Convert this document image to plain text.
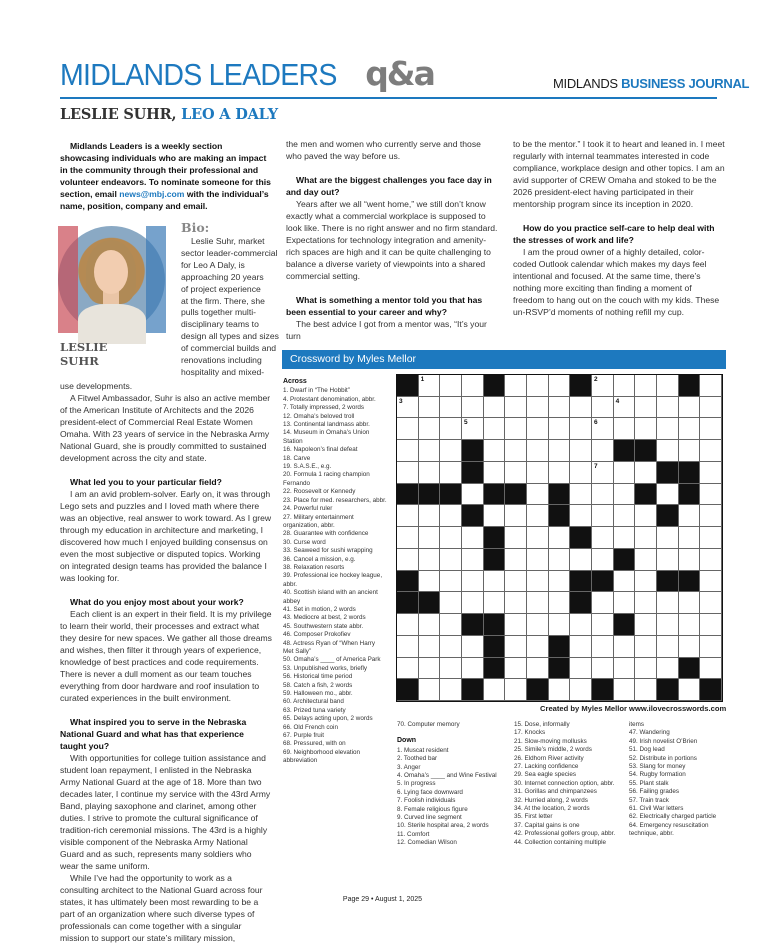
MIDLANDS LEADERS q&a	MIDLANDS BUSINESS JOURNAL
LESLIE SUHR, LEO A DALY

Midlands Leaders is a weekly section showcasing individuals who are making an impact in the community through their professional and volunteer endeavors. To nominate someone for this section, email news@mbj.com with the individual’s name, position, company and email.

LESLIE
SUHR
Bio:
Leslie Suhr, market
sector leader-commercial
for Leo A Daly, is
approaching 20 years
of project experience
at the firm. There, she
pulls together multi-
disciplinary teams to
design all types and sizes
of commercial builds and
renovations including
hospitality and mixed-
use developments.

A Fitwel Ambassador, Suhr is also an active member of the American Institute of Architects and the 2026 president-elect of Commercial Real Estate Women Omaha. With 23 years of service in the Nebraska Army National Guard, she is proudly committed to sustained development across the city and state.

What led you to your particular field?

I am an avid problem-solver. Early on, it was through Lego sets and puzzles and I loved math where there was an objective, real answer to work toward. As I grew through my education in architecture and marketing, I discovered how much I enjoyed building consensus on even the most subjective or disputed topics. Working on integrated design teams has provided the balance I was looking for.

What do you enjoy most about your work?

Each client is an expert in their field. It is my privilege to learn their world, their processes and extract what they desire for new spaces. We gather all those dreams and wishes, then filter it through years of experience, knowledge of best practices and code requirements. There is never a dull moment as our team touches everything from door hardware and roof insulation to curated experiences in the built environment.

What inspired you to serve in the Nebraska National Guard and what has that experience taught you?

With opportunities for college tuition assistance and student loan repayment, I enlisted in the Nebraska Army National Guard at the age of 18. More than two decades later, I continue my service with the 43rd Army Band, playing saxophone and clarinet, among other duties. I strive to promote the cultural significance of tradition-rich ceremonial missions. The 43rd is a highly visible component of the Nebraska Army National Guard and as such, represents many soldiers who wear the same uniform.

While I’ve had the opportunity to work as a consulting architect to the National Guard across four states, it has ultimately been most rewarding to be a part of an organization where such diverse types of professionals can come together with a singular mission to support our state’s military mission,

the men and women who currently serve and those who paved the way before us.

What are the biggest challenges you face day in and day out?

Years after we all “went home,” we still don’t know exactly what a commercial workplace is supposed to look like. There is no right answer and no firm standard. Expectations for technology integration and amenity-rich spaces are high and it can be quite challenging to balance a diverse variety of viewpoints into a shared commercial setting.

What is something a mentor told you that has been essential to your career and why?

The best advice I got from a mentor was, “It’s your turn

to be the mentor.” I took it to heart and leaned in. I meet regularly with internal teammates interested in code compliance, workplace design and other topics. I am an avid supporter of CREW Omaha and stoked to be the 2026 president-elect having participated in their mentorship program since its inception in 2020.

How do you practice self-care to help deal with the stresses of work and life?

I am the proud owner of a highly detailed, color-coded Outlook calendar which makes my days feel intentional and focused. At the same time, there’s nothing more exciting than finding a moment of freedom to hang out on the couch with my kids. These un-RSVP’d moments of nothing refill my cup.

Crossword by Myles Mellor
Across
1. Dwarf in “The Hobbit”
4. Protestant denomination, abbr.
7. Totally impressed, 2 words
12. Omaha’s beloved troll
13. Continental landmass abbr.
14. Museum in Omaha’s Union
Station
16. Napoleon’s final defeat
18. Carve
19. S.A.S.E., e.g.
20. Formula 1 racing champion
Fernando
22. Roosevelt or Kennedy
23. Place for med. researchers, abbr.
24. Powerful ruler
27. Military entertainment
organization, abbr.
28. Guarantee with confidence
30. Curse word
33. Seaweed for sushi wrapping
36. Cancel a mission, e.g.
38. Relaxation resorts
39. Professional ice hockey league,
abbr.
40. Scottish island with an ancient
abbey
41. Set in motion, 2 words
43. Mediocre at best, 2 words
45. Southwestern state abbr.
46. Composer Prokofiev
48. Actress Ryan of “When Harry
Met Sally”
50. Omaha’s ____ of America Park
53. Unpublished works, briefly
56. Historical time period
58. Catch a fish, 2 words
59. Halloween mo., abbr.
60. Architectural band
63. Prized tuna variety
65. Delays acting upon, 2 words
66. Old French coin
67. Purple fruit
68. Pressured, with on
69. Neighborhood elevation
abbreviation
1	2
3	4
5	6
7
Created by Myles Mellor www.ilovecrosswords.com
70. Computer memory
Down
1. Muscat resident
2. Toothed bar
3. Anger
4. Omaha’s ____ and Wine Festival
5. In progress
6. Lying face downward
7. Foolish individuals
8. Female religious figure
9. Curved line segment
10. Sterile hospital area, 2 words
11. Comfort
12. Comedian Wilson
15. Dose, informally
17. Knocks
21. Slow-moving mollusks
25. Simile’s middle, 2 words
26. Eldhorn River activity
27. Lacking confidence
29. Sea eagle species
30. Internet connection option, abbr.
31. Gorillas and chimpanzees
32. Hurried along, 2 words
34. At the location, 2 words
35. First letter
37. Capital gains is one
42. Professional golfers group, abbr.
44. Collection containing multiple
items
47. Wandering
49. Irish novelist O’Brien
51. Dog lead
52. Distribute in portions
53. Slang for money
54. Rugby formation
55. Plant stalk
56. Failing grades
57. Train track
61. Civil War letters
62. Electrically charged particle
64. Emergency resuscitation
technique, abbr.
Page 29 • August 1, 2025
